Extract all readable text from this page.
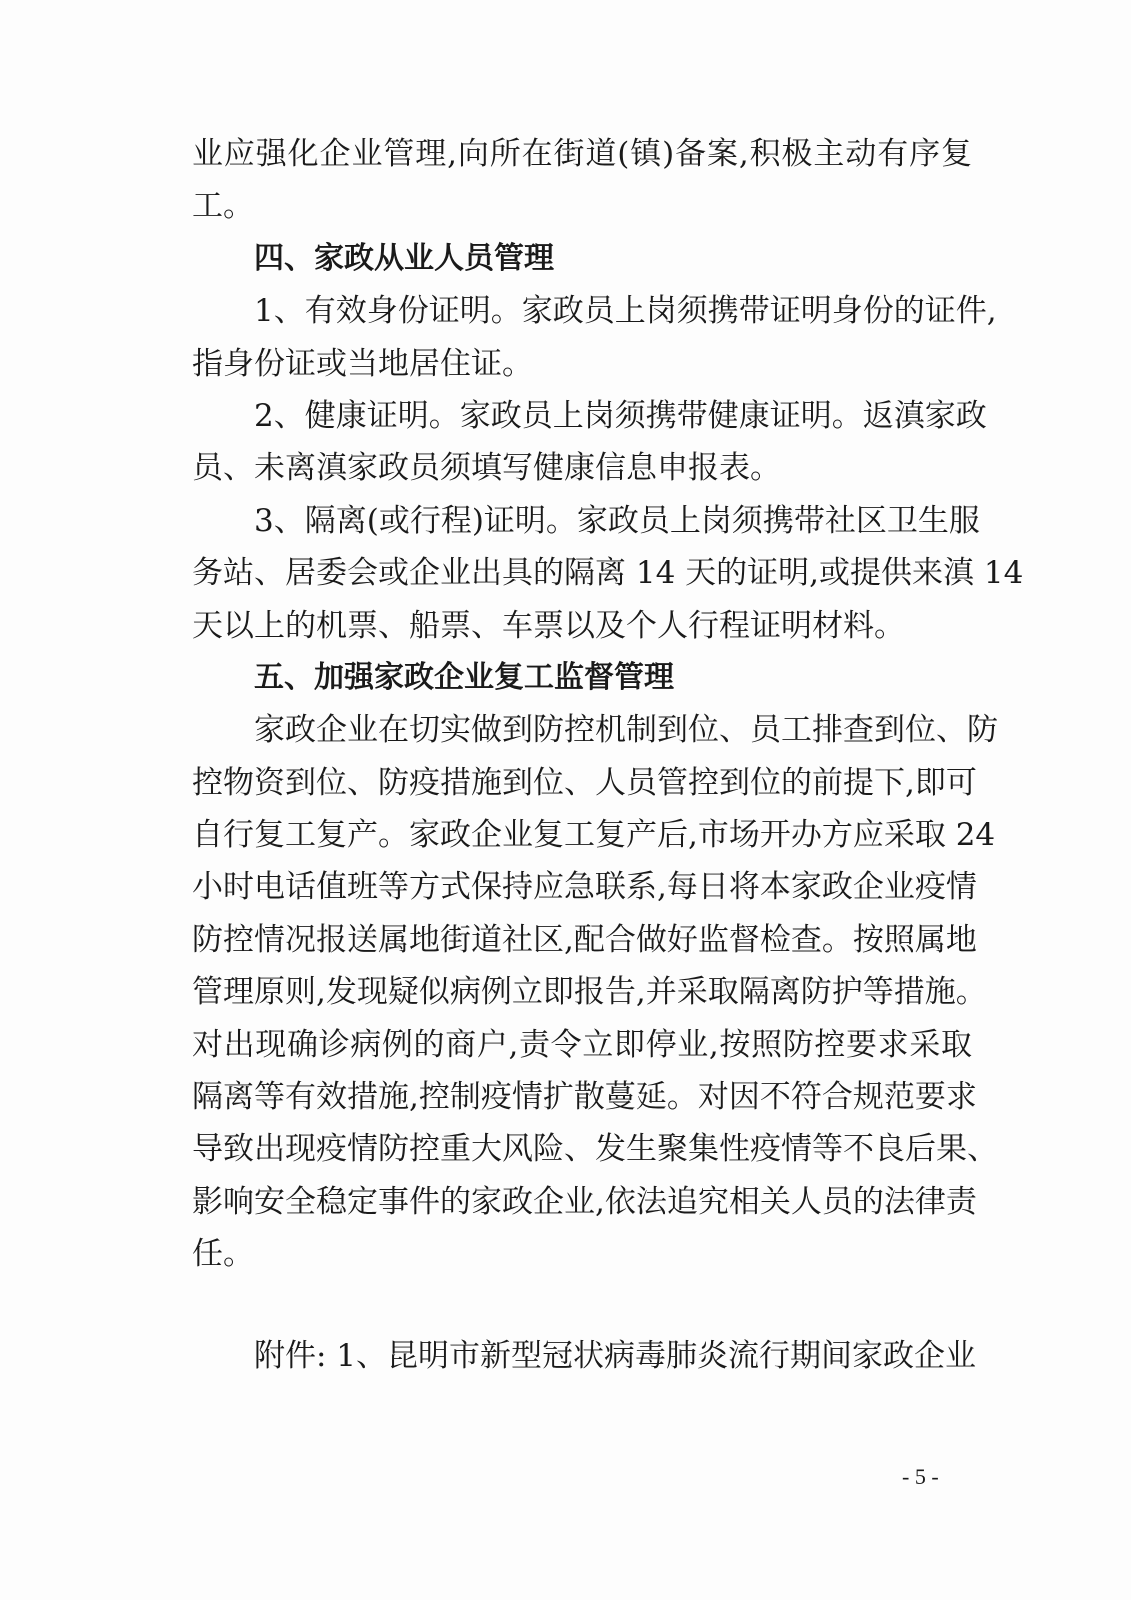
业应强化企业管理,向所在街道(镇)备案,积极主动有序复
工。
四、家政从业人员管理
1、有效身份证明。家政员上岗须携带证明身份的证件,
指身份证或当地居住证。
2、健康证明。家政员上岗须携带健康证明。返滇家政
员、未离滇家政员须填写健康信息申报表。
3、隔离(或行程)证明。家政员上岗须携带社区卫生服
务站、居委会或企业出具的隔离 14 天的证明,或提供来滇 14
天以上的机票、船票、车票以及个人行程证明材料。
五、加强家政企业复工监督管理
家政企业在切实做到防控机制到位、员工排查到位、防
控物资到位、防疫措施到位、人员管控到位的前提下,即可
自行复工复产。家政企业复工复产后,市场开办方应采取 24
小时电话值班等方式保持应急联系,每日将本家政企业疫情
防控情况报送属地街道社区,配合做好监督检查。按照属地
管理原则,发现疑似病例立即报告,并采取隔离防护等措施。
对出现确诊病例的商户,责令立即停业,按照防控要求采取
隔离等有效措施,控制疫情扩散蔓延。对因不符合规范要求
导致出现疫情防控重大风险、发生聚集性疫情等不良后果、
影响安全稳定事件的家政企业,依法追究相关人员的法律责
任。
附件: 1、昆明市新型冠状病毒肺炎流行期间家政企业
- 5 -
